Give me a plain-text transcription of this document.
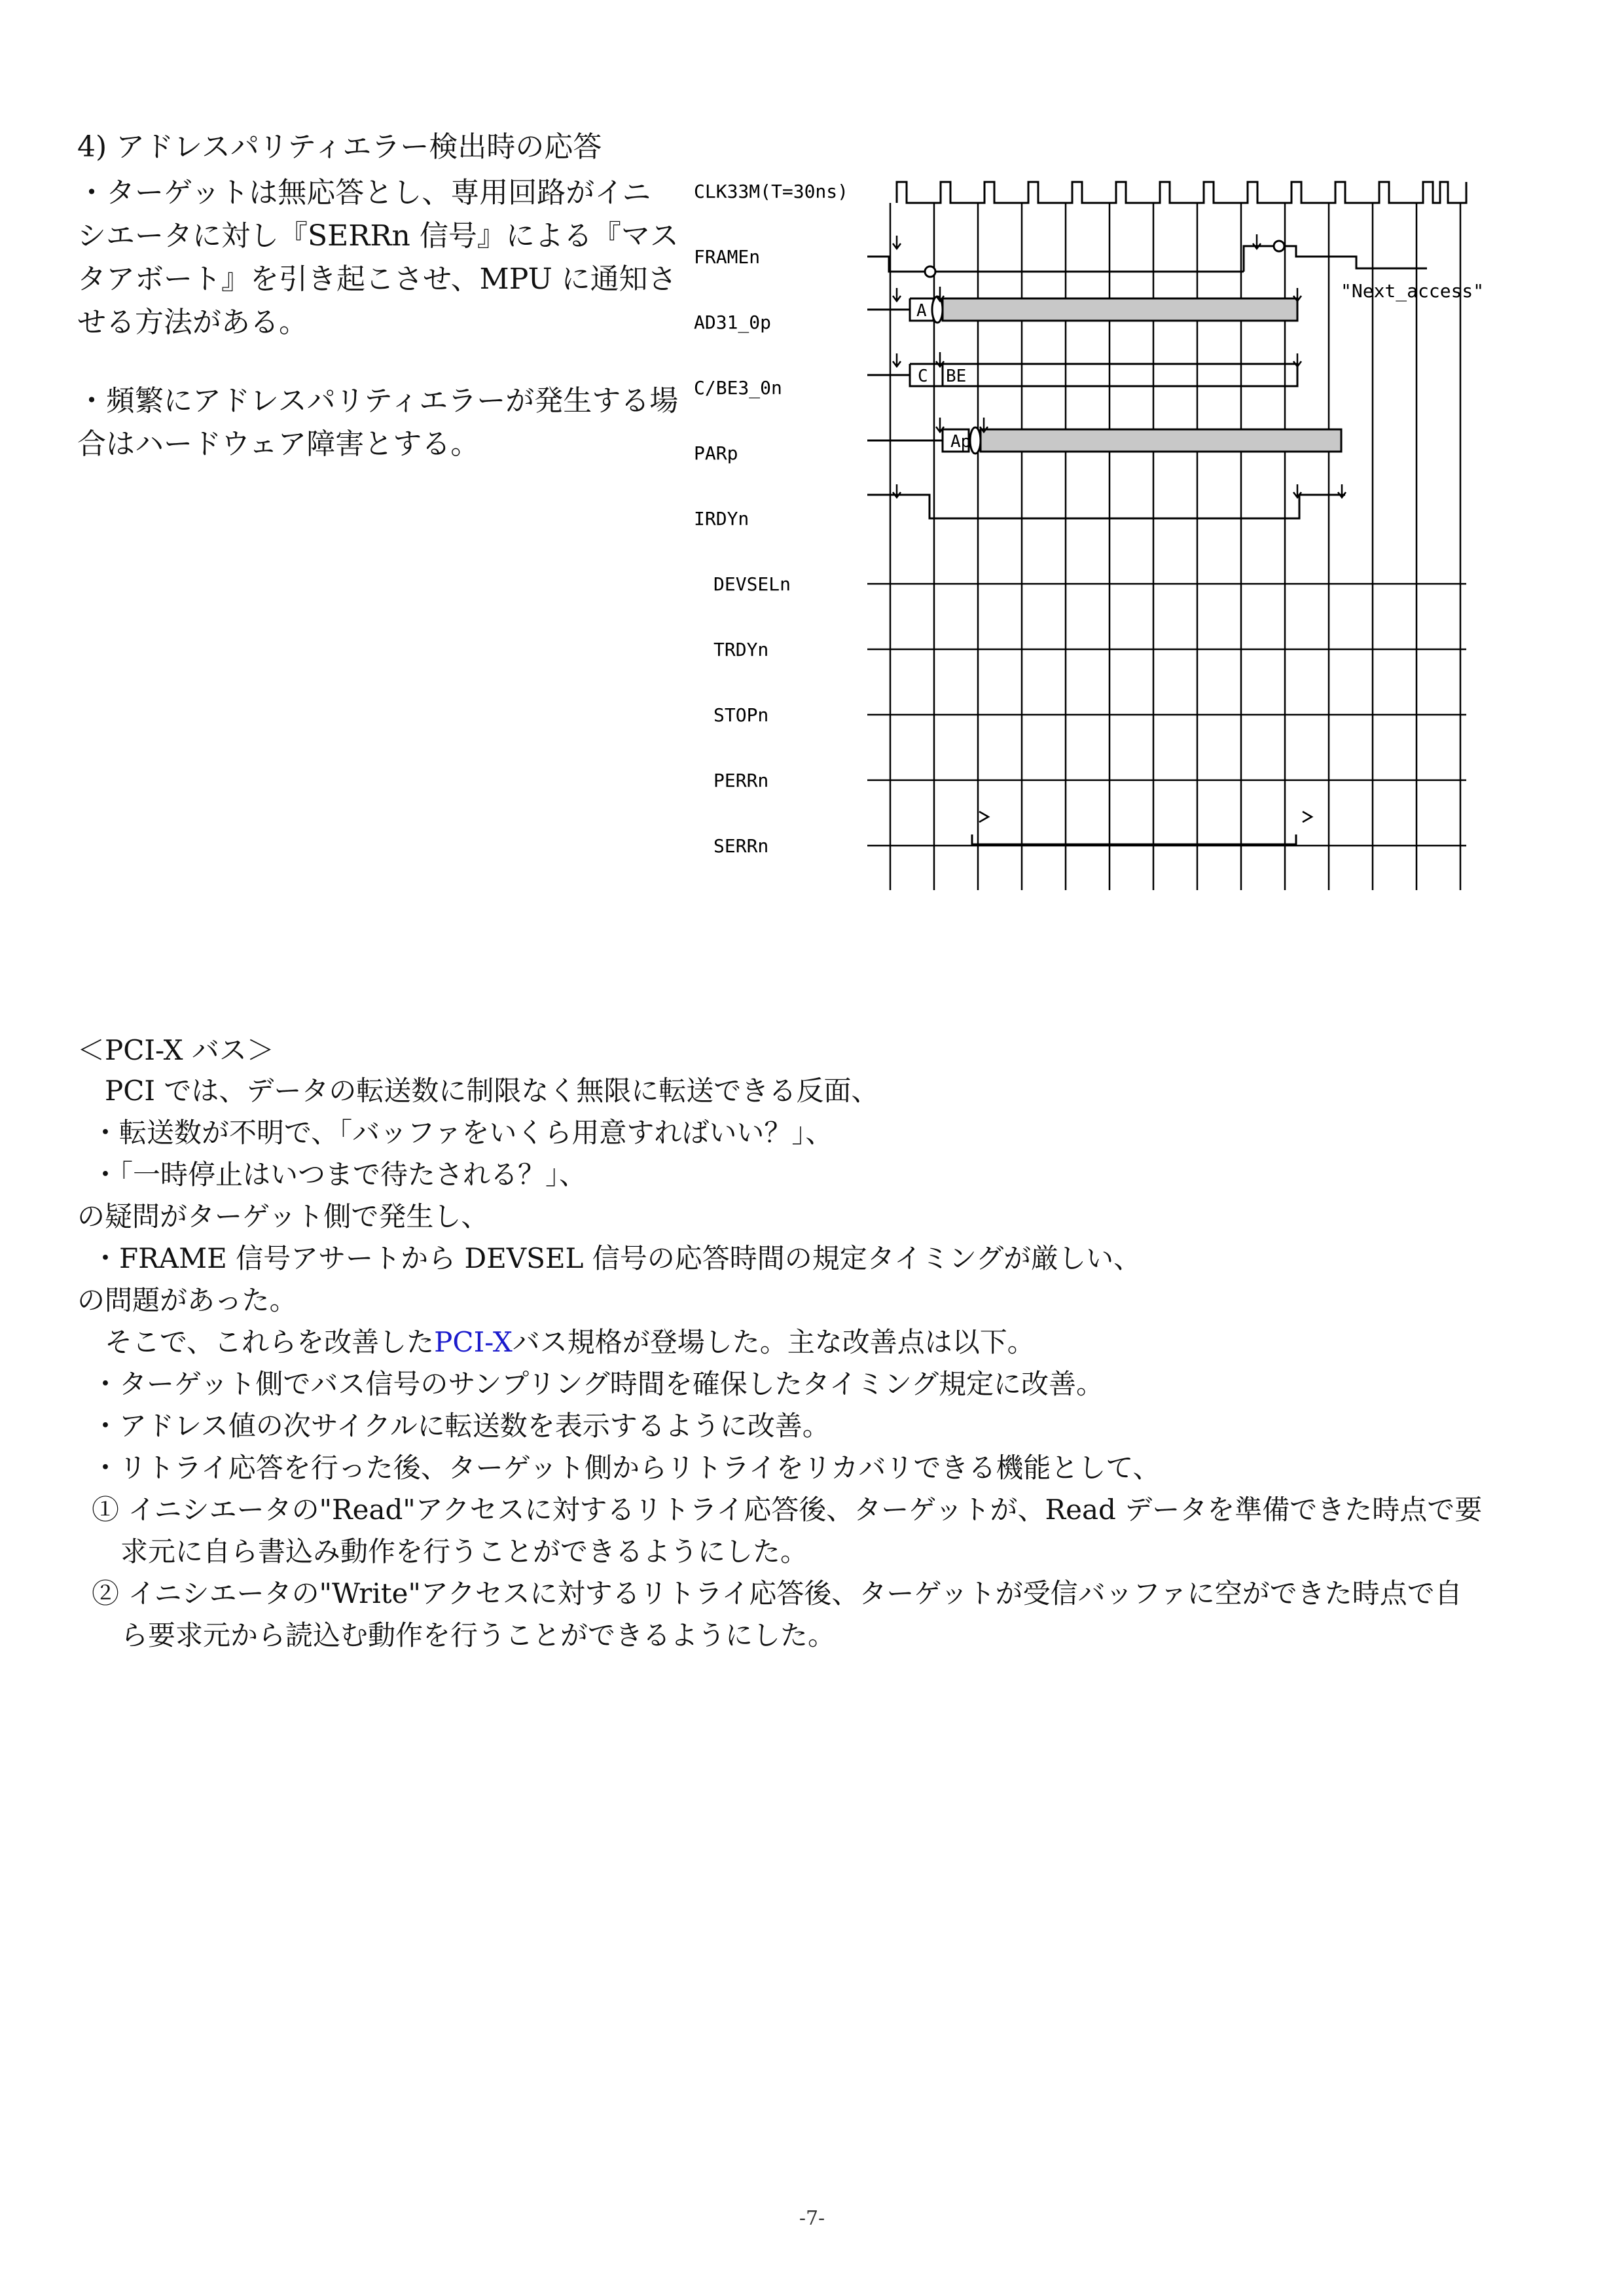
4) アドレスパリティエラー検出時の応答
・ターゲットは無応答とし、専用回路がイニシエータに対し『SERRn 信号』による『マスタアボート』を引き起こさせ、MPU に通知させる方法がある。
・頻繁にアドレスパリティエラーが発生する場合はハードウェア障害とする。
CLK33M(T=30ns)
FRAMEn
AD31_0p
C/BE3_0n
PARp
IRDYn
DEVSELn
TRDYn
STOPn
PERRn
SERRn
"Next_access"
A
C BE
Ap
＜PCI-X バス＞
PCI では、データの転送数に制限なく無限に転送できる反面、
・転送数が不明で、「バッファをいくら用意すればいい？」、
・「一時停止はいつまで待たされる？」、
の疑問がターゲット側で発生し、
・FRAME 信号アサートから DEVSEL 信号の応答時間の規定タイミングが厳しい、
の問題があった。
そこで、これらを改善したPCI-Xバス規格が登場した。主な改善点は以下。
・ターゲット側でバス信号のサンプリング時間を確保したタイミング規定に改善。
・アドレス値の次サイクルに転送数を表示するように改善。
・リトライ応答を行った後、ターゲット側からリトライをリカバリできる機能として、
① イニシエータの"Read"アクセスに対するリトライ応答後、ターゲットが、Read データを準備できた時点で要
求元に自ら書込み動作を行うことができるようにした。
② イニシエータの"Write"アクセスに対するリトライ応答後、ターゲットが受信バッファに空ができた時点で自
ら要求元から読込む動作を行うことができるようにした。
-7-
